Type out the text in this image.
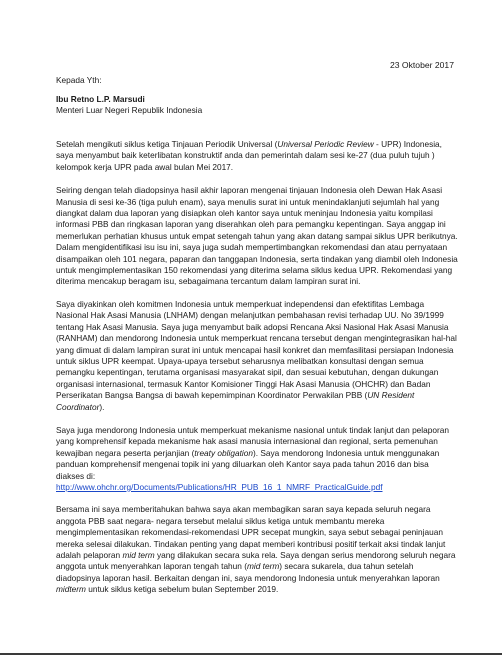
23 Oktober 2017
Kepada Yth:
Ibu Retno L.P. Marsudi
Menteri Luar Negeri Republik Indonesia

Setelah mengikuti siklus ketiga Tinjauan Periodik Universal (Universal Periodic Review - UPR) Indonesia, saya menyambut baik keterlibatan konstruktif anda dan pemerintah dalam sesi ke-27 (dua puluh tujuh ) kelompok kerja UPR pada awal bulan Mei 2017.

Seiring dengan telah diadopsinya hasil akhir laporan mengenai tinjauan Indonesia oleh Dewan Hak Asasi Manusia di sesi ke-36 (tiga puluh enam), saya menulis surat ini untuk menindaklanjuti sejumlah hal yang diangkat dalam dua laporan yang disiapkan oleh kantor saya untuk meninjau Indonesia yaitu kompilasi informasi PBB dan ringkasan laporan yang diserahkan oleh para pemangku kepentingan. Saya anggap ini memerlukan perhatian khusus untuk empat setengah tahun yang akan datang sampai siklus UPR berikutnya. Dalam mengidentifikasi isu isu ini, saya juga sudah mempertimbangkan rekomendasi dan atau pernyataan disampaikan oleh 101 negara, paparan dan tanggapan Indonesia, serta tindakan yang diambil oleh Indonesia untuk mengimplementasikan 150 rekomendasi yang diterima selama siklus kedua UPR. Rekomendasi yang diterima mencakup beragam isu, sebagaimana tercantum dalam lampiran surat ini.

Saya diyakinkan oleh komitmen Indonesia untuk memperkuat independensi dan efektifitas Lembaga Nasional Hak Asasi Manusia (LNHAM) dengan melanjutkan pembahasan revisi terhadap UU. No 39/1999 tentang Hak Asasi Manusia. Saya juga menyambut baik adopsi Rencana Aksi Nasional Hak Asasi Manusia (RANHAM) dan mendorong Indonesia untuk memperkuat rencana tersebut dengan mengintegrasikan hal-hal yang dimuat di dalam lampiran surat ini untuk mencapai hasil konkret dan memfasilitasi persiapan Indonesia untuk siklus UPR keempat. Upaya-upaya tersebut seharusnya melibatkan konsultasi dengan semua pemangku kepentingan, terutama organisasi masyarakat sipil, dan sesuai kebutuhan, dengan dukungan organisasi internasional, termasuk Kantor Komisioner Tinggi Hak Asasi Manusia (OHCHR) dan Badan Perserikatan Bangsa Bangsa di bawah kepemimpinan Koordinator Perwakilan PBB (UN Resident Coordinator).

Saya juga mendorong Indonesia untuk memperkuat mekanisme nasional untuk tindak lanjut dan pelaporan yang komprehensif kepada mekanisme hak asasi manusia internasional dan regional, serta pemenuhan kewajiban negara peserta perjanjian (treaty obligation). Saya mendorong Indonesia untuk menggunakan panduan komprehensif mengenai topik ini yang diluarkan oleh Kantor saya pada tahun 2016 dan bisa diakses di:
http://www.ohchr.org/Documents/Publications/HR_PUB_16_1_NMRF_PracticalGuide.pdf

Bersama ini saya memberitahukan bahwa saya akan membagikan saran saya kepada seluruh negara anggota PBB saat negara- negara tersebut melalui siklus ketiga untuk membantu mereka mengimplementasikan rekomendasi-rekomendasi UPR secepat mungkin, saya sebut sebagai peninjauan mereka selesai dilakukan. Tindakan penting yang dapat memberi kontribusi positif terkait aksi tindak lanjut adalah pelaporan mid term yang dilakukan secara suka rela. Saya dengan serius mendorong seluruh negara anggota untuk menyerahkan laporan tengah tahun (mid term) secara sukarela, dua tahun setelah diadopsinya laporan hasil. Berkaitan dengan ini, saya mendorong Indonesia untuk menyerahkan laporan midterm untuk siklus ketiga sebelum bulan September 2019.
